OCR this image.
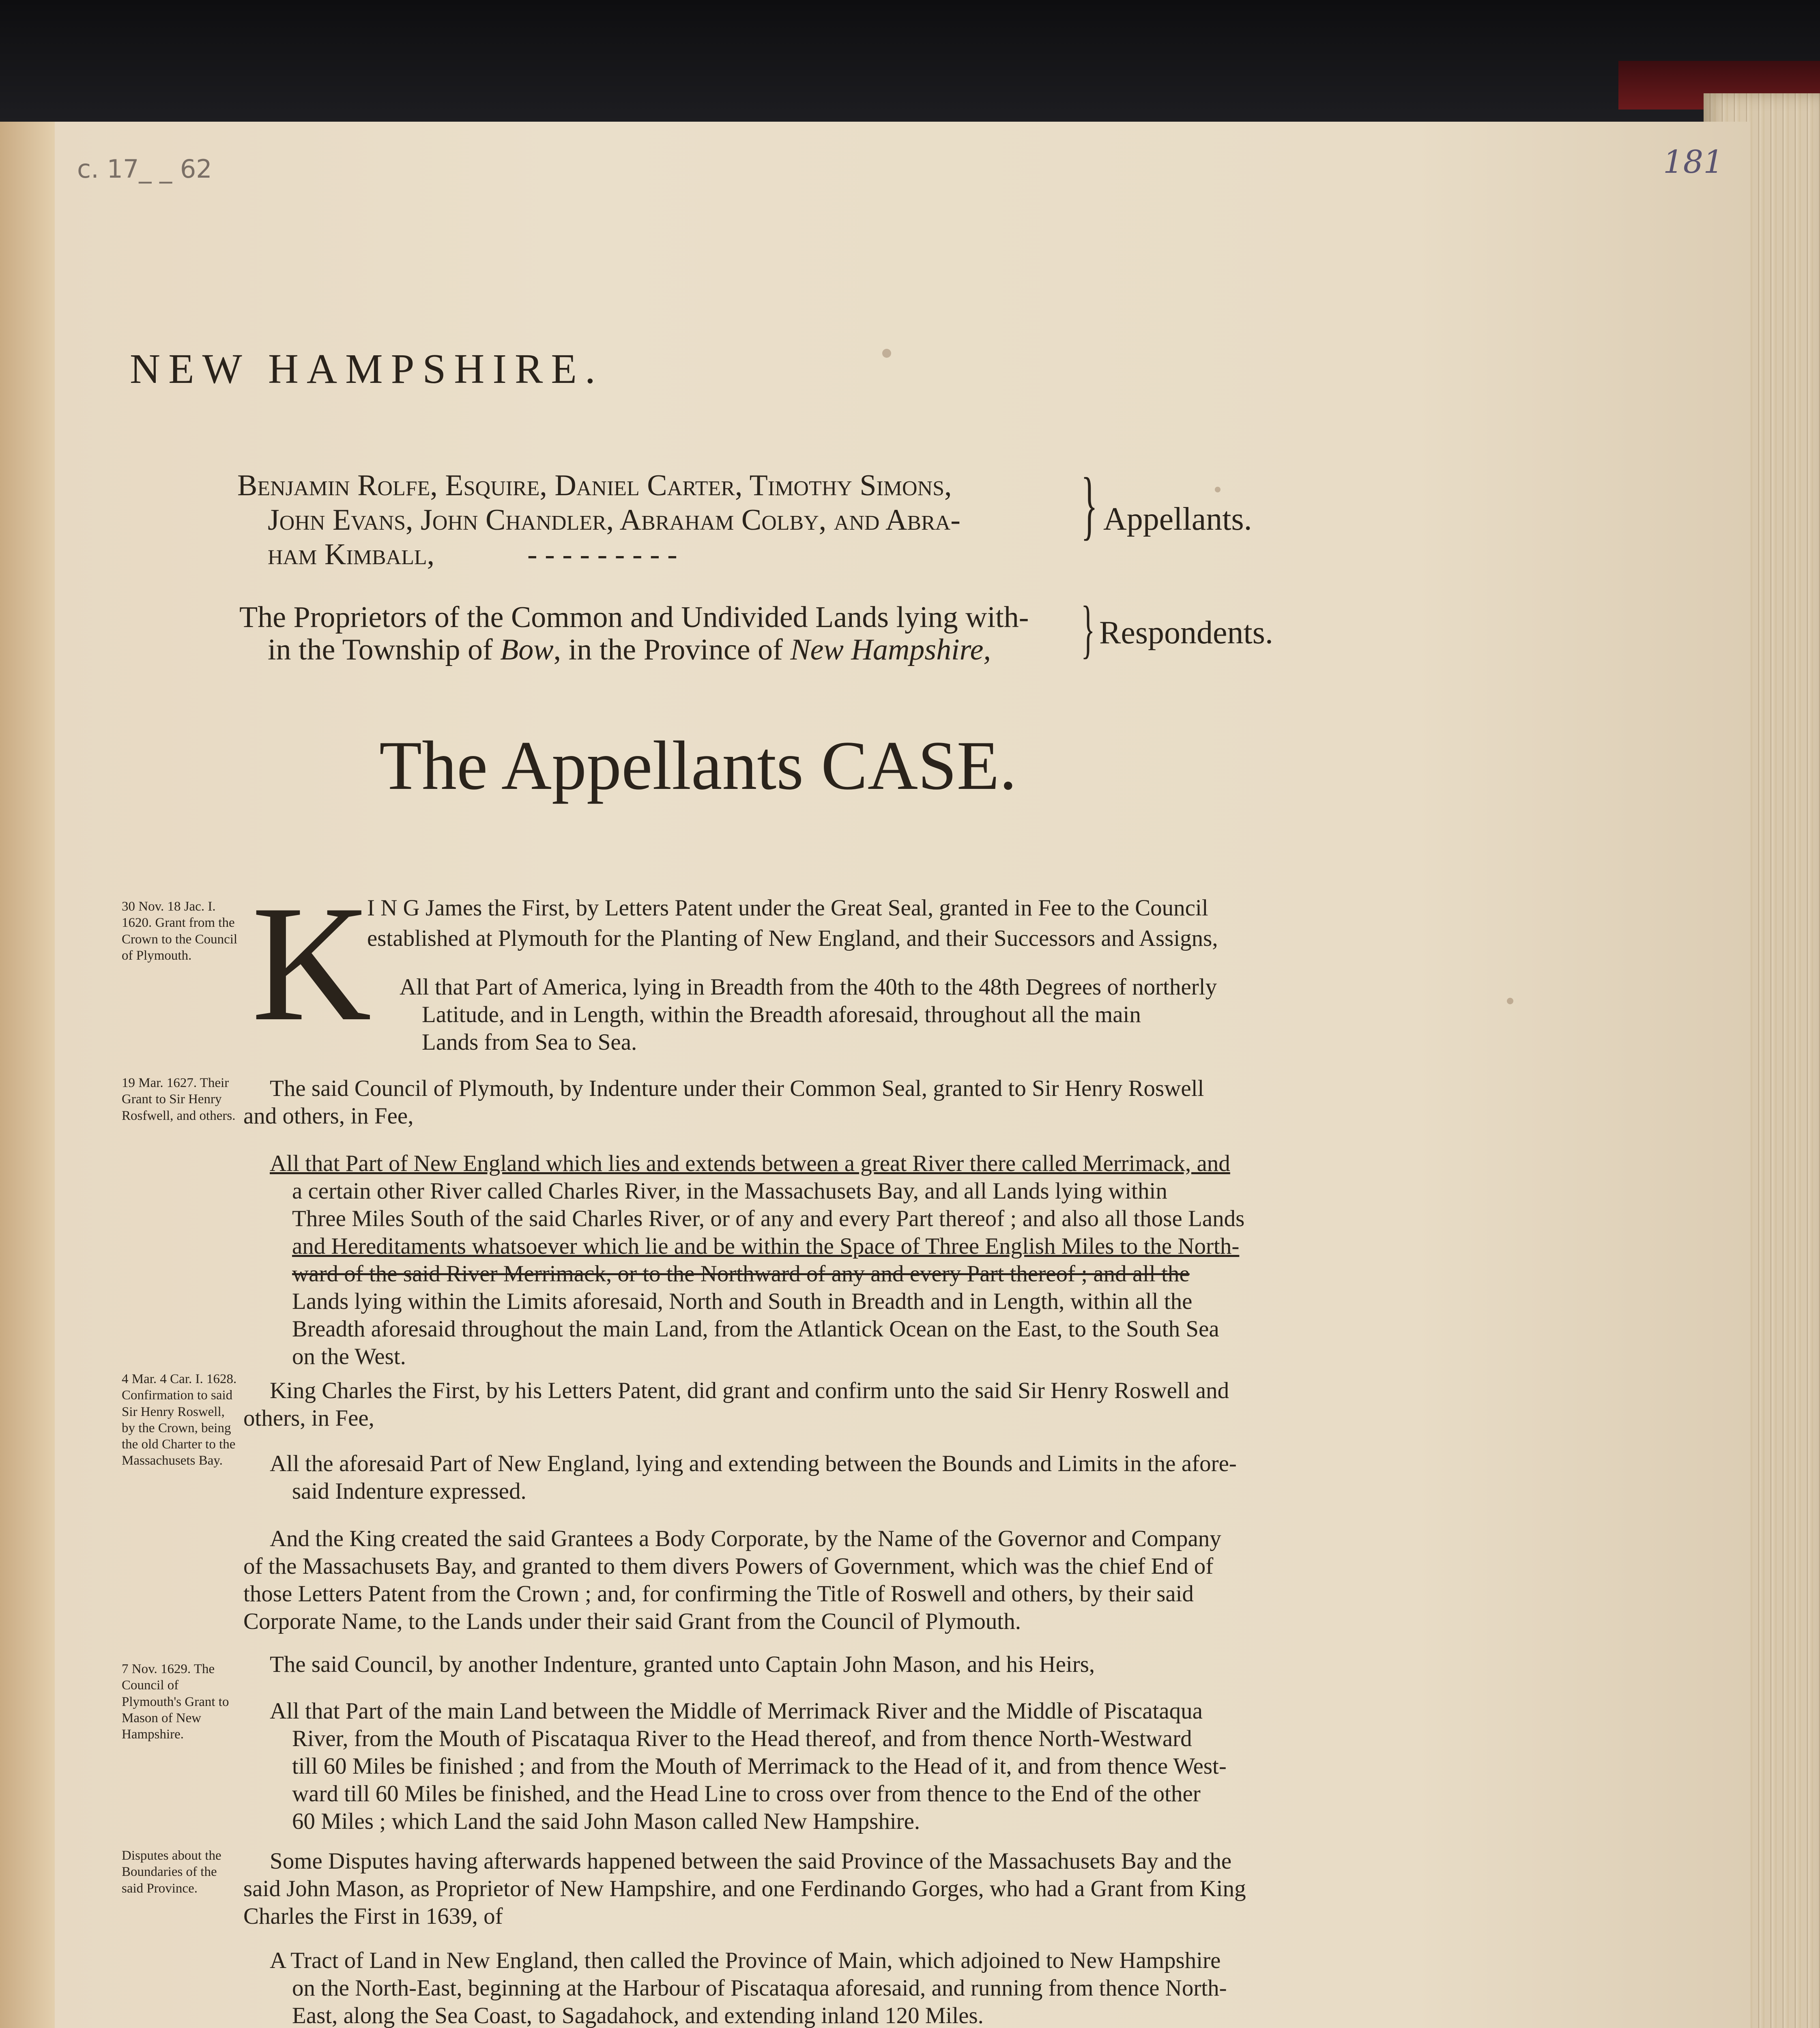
c. 17_ _ 62	181
NEW HAMPSHIRE.
Benjamin Rolfe, Esquire, Daniel Carter, Timothy Simons,
John Evans, John Chandler, Abraham Colby, and Abra-
ham Kimball,	- - - - - - - - -
} Appellants.
The Proprietors of the Common and Undivided Lands lying with-
in the Township of Bow, in the Province of New Hampshire, } Respondents.
The Appellants CASE.
30 Nov. 18 Jac. I. 1620. Grant from the Crown to the Council of Plymouth.
19 Mar. 1627. Their Grant to Sir Henry Rosfwell, and others.
4 Mar. 4 Car. I. 1628. Confirmation to said Sir Henry Roswell, by the Crown, being the old Charter to the Massachusets Bay.
7 Nov. 1629. The Council of Plymouth's Grant to Mason of New Hampshire.
Disputes about the Boundaries of the said Province.
K
I N G James the First, by Letters Patent under the Great Seal, granted in Fee to the Council
established at Plymouth for the Planting of New England, and their Successors and Assigns,
All that Part of America, lying in Breadth from the 40th to the 48th Degrees of northerly
Latitude, and in Length, within the Breadth aforesaid, throughout all the main
Lands from Sea to Sea.
The said Council of Plymouth, by Indenture under their Common Seal, granted to Sir Henry Roswell
and others, in Fee,
All that Part of New England which lies and extends between a great River there called Merrimack, and
a certain other River called Charles River, in the Massachusets Bay, and all Lands lying within
Three Miles South of the said Charles River, or of any and every Part thereof ; and also all those Lands
and Hereditaments whatsoever which lie and be within the Space of Three English Miles to the North-
ward of the said River Merrimack, or to the Northward of any and every Part thereof ; and all the
Lands lying within the Limits aforesaid, North and South in Breadth and in Length, within all the
Breadth aforesaid throughout the main Land, from the Atlantick Ocean on the East, to the South Sea
on the West.
King Charles the First, by his Letters Patent, did grant and confirm unto the said Sir Henry Roswell and
others, in Fee,
All the aforesaid Part of New England, lying and extending between the Bounds and Limits in the afore-
said Indenture expressed.
And the King created the said Grantees a Body Corporate, by the Name of the Governor and Company
of the Massachusets Bay, and granted to them divers Powers of Government, which was the chief End of
those Letters Patent from the Crown ; and, for confirming the Title of Roswell and others, by their said
Corporate Name, to the Lands under their said Grant from the Council of Plymouth.
The said Council, by another Indenture, granted unto Captain John Mason, and his Heirs,
All that Part of the main Land between the Middle of Merrimack River and the Middle of Piscataqua
River, from the Mouth of Piscataqua River to the Head thereof, and from thence North-Westward
till 60 Miles be finished ; and from the Mouth of Merrimack to the Head of it, and from thence West-
ward till 60 Miles be finished, and the Head Line to cross over from thence to the End of the other
60 Miles ; which Land the said John Mason called New Hampshire.
Some Disputes having afterwards happened between the said Province of the Massachusets Bay and the
said John Mason, as Proprietor of New Hampshire, and one Ferdinando Gorges, who had a Grant from King
Charles the First in 1639, of
A Tract of Land in New England, then called the Province of Main, which adjoined to New Hampshire
on the North-East, beginning at the Harbour of Piscataqua aforesaid, and running from thence North-
East, along the Sea Coast, to Sagadahock, and extending inland 120 Miles.
